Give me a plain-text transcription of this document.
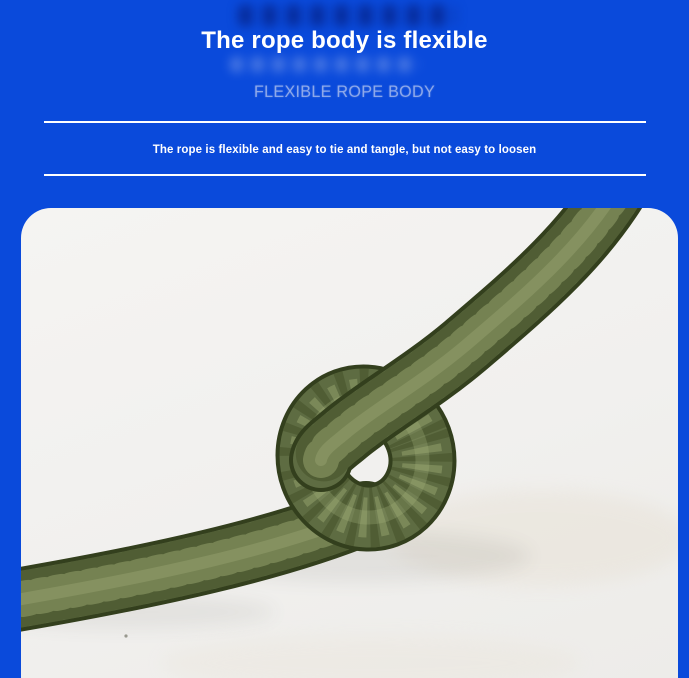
The rope body is flexible
FLEXIBLE ROPE BODY
The rope is flexible and easy to tie and tangle, but not easy to loosen
